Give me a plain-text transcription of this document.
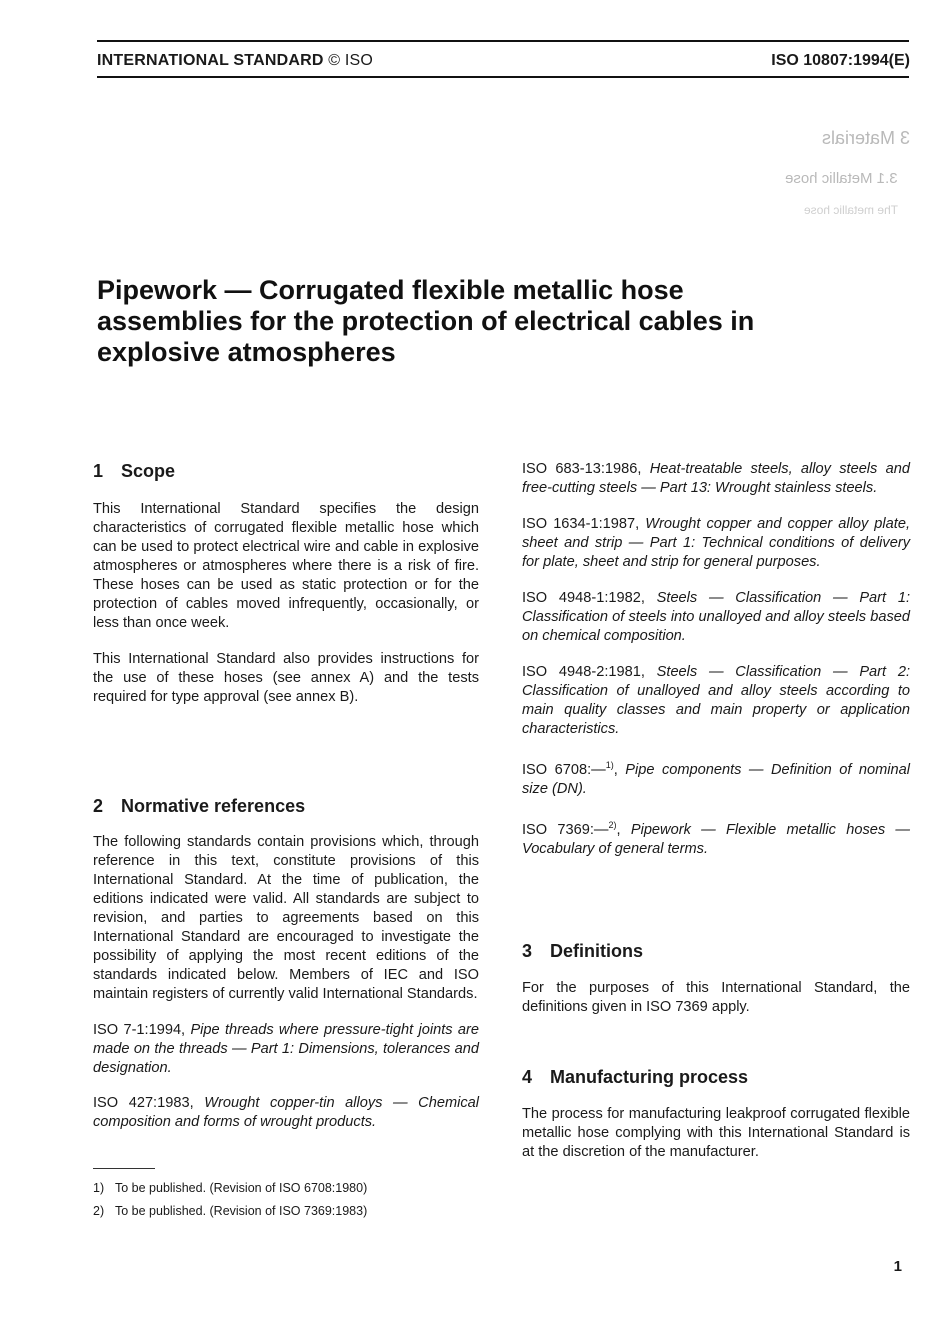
INTERNATIONAL STANDARD © ISO	ISO 10807:1994(E)
3 Materials
3.1 Metallic hose
The metallic hose
Pipework — Corrugated flexible metallic hose assemblies for the protection of electrical cables in explosive atmospheres
1 Scope

This International Standard specifies the design characteristics of corrugated flexible metallic hose which can be used to protect electrical wire and cable in explosive atmospheres or atmospheres where there is a risk of fire. These hoses can be used as static protection or for the protection of cables moved infrequently, occasionally, or less than once week.

This International Standard also provides instructions for the use of these hoses (see annex A) and the tests required for type approval (see annex B).

2 Normative references

The following standards contain provisions which, through reference in this text, constitute provisions of this International Standard. At the time of publication, the editions indicated were valid. All standards are subject to revision, and parties to agreements based on this International Standard are encouraged to investigate the possibility of applying the most recent editions of the standards indicated below. Members of IEC and ISO maintain registers of currently valid International Standards.

ISO 7-1:1994, Pipe threads where pressure-tight joints are made on the threads — Part 1: Dimensions, tolerances and designation.
ISO 427:1983, Wrought copper-tin alloys — Chemical composition and forms of wrought products.
1) To be published. (Revision of ISO 6708:1980)
2) To be published. (Revision of ISO 7369:1983)
ISO 683-13:1986, Heat-treatable steels, alloy steels and free-cutting steels — Part 13: Wrought stainless steels.
ISO 1634-1:1987, Wrought copper and copper alloy plate, sheet and strip — Part 1: Technical conditions of delivery for plate, sheet and strip for general purposes.
ISO 4948-1:1982, Steels — Classification — Part 1: Classification of steels into unalloyed and alloy steels based on chemical composition.
ISO 4948-2:1981, Steels — Classification — Part 2: Classification of unalloyed and alloy steels according to main quality classes and main property or application characteristics.
ISO 6708:—$^{1)}$, Pipe components — Definition of nominal size (DN).
ISO 7369:—$^{2)}$, Pipework — Flexible metallic hoses — Vocabulary of general terms.
3 Definitions

For the purposes of this International Standard, the definitions given in ISO 7369 apply.

4 Manufacturing process

The process for manufacturing leakproof corrugated flexible metallic hose complying with this International Standard is at the discretion of the manufacturer.

1
